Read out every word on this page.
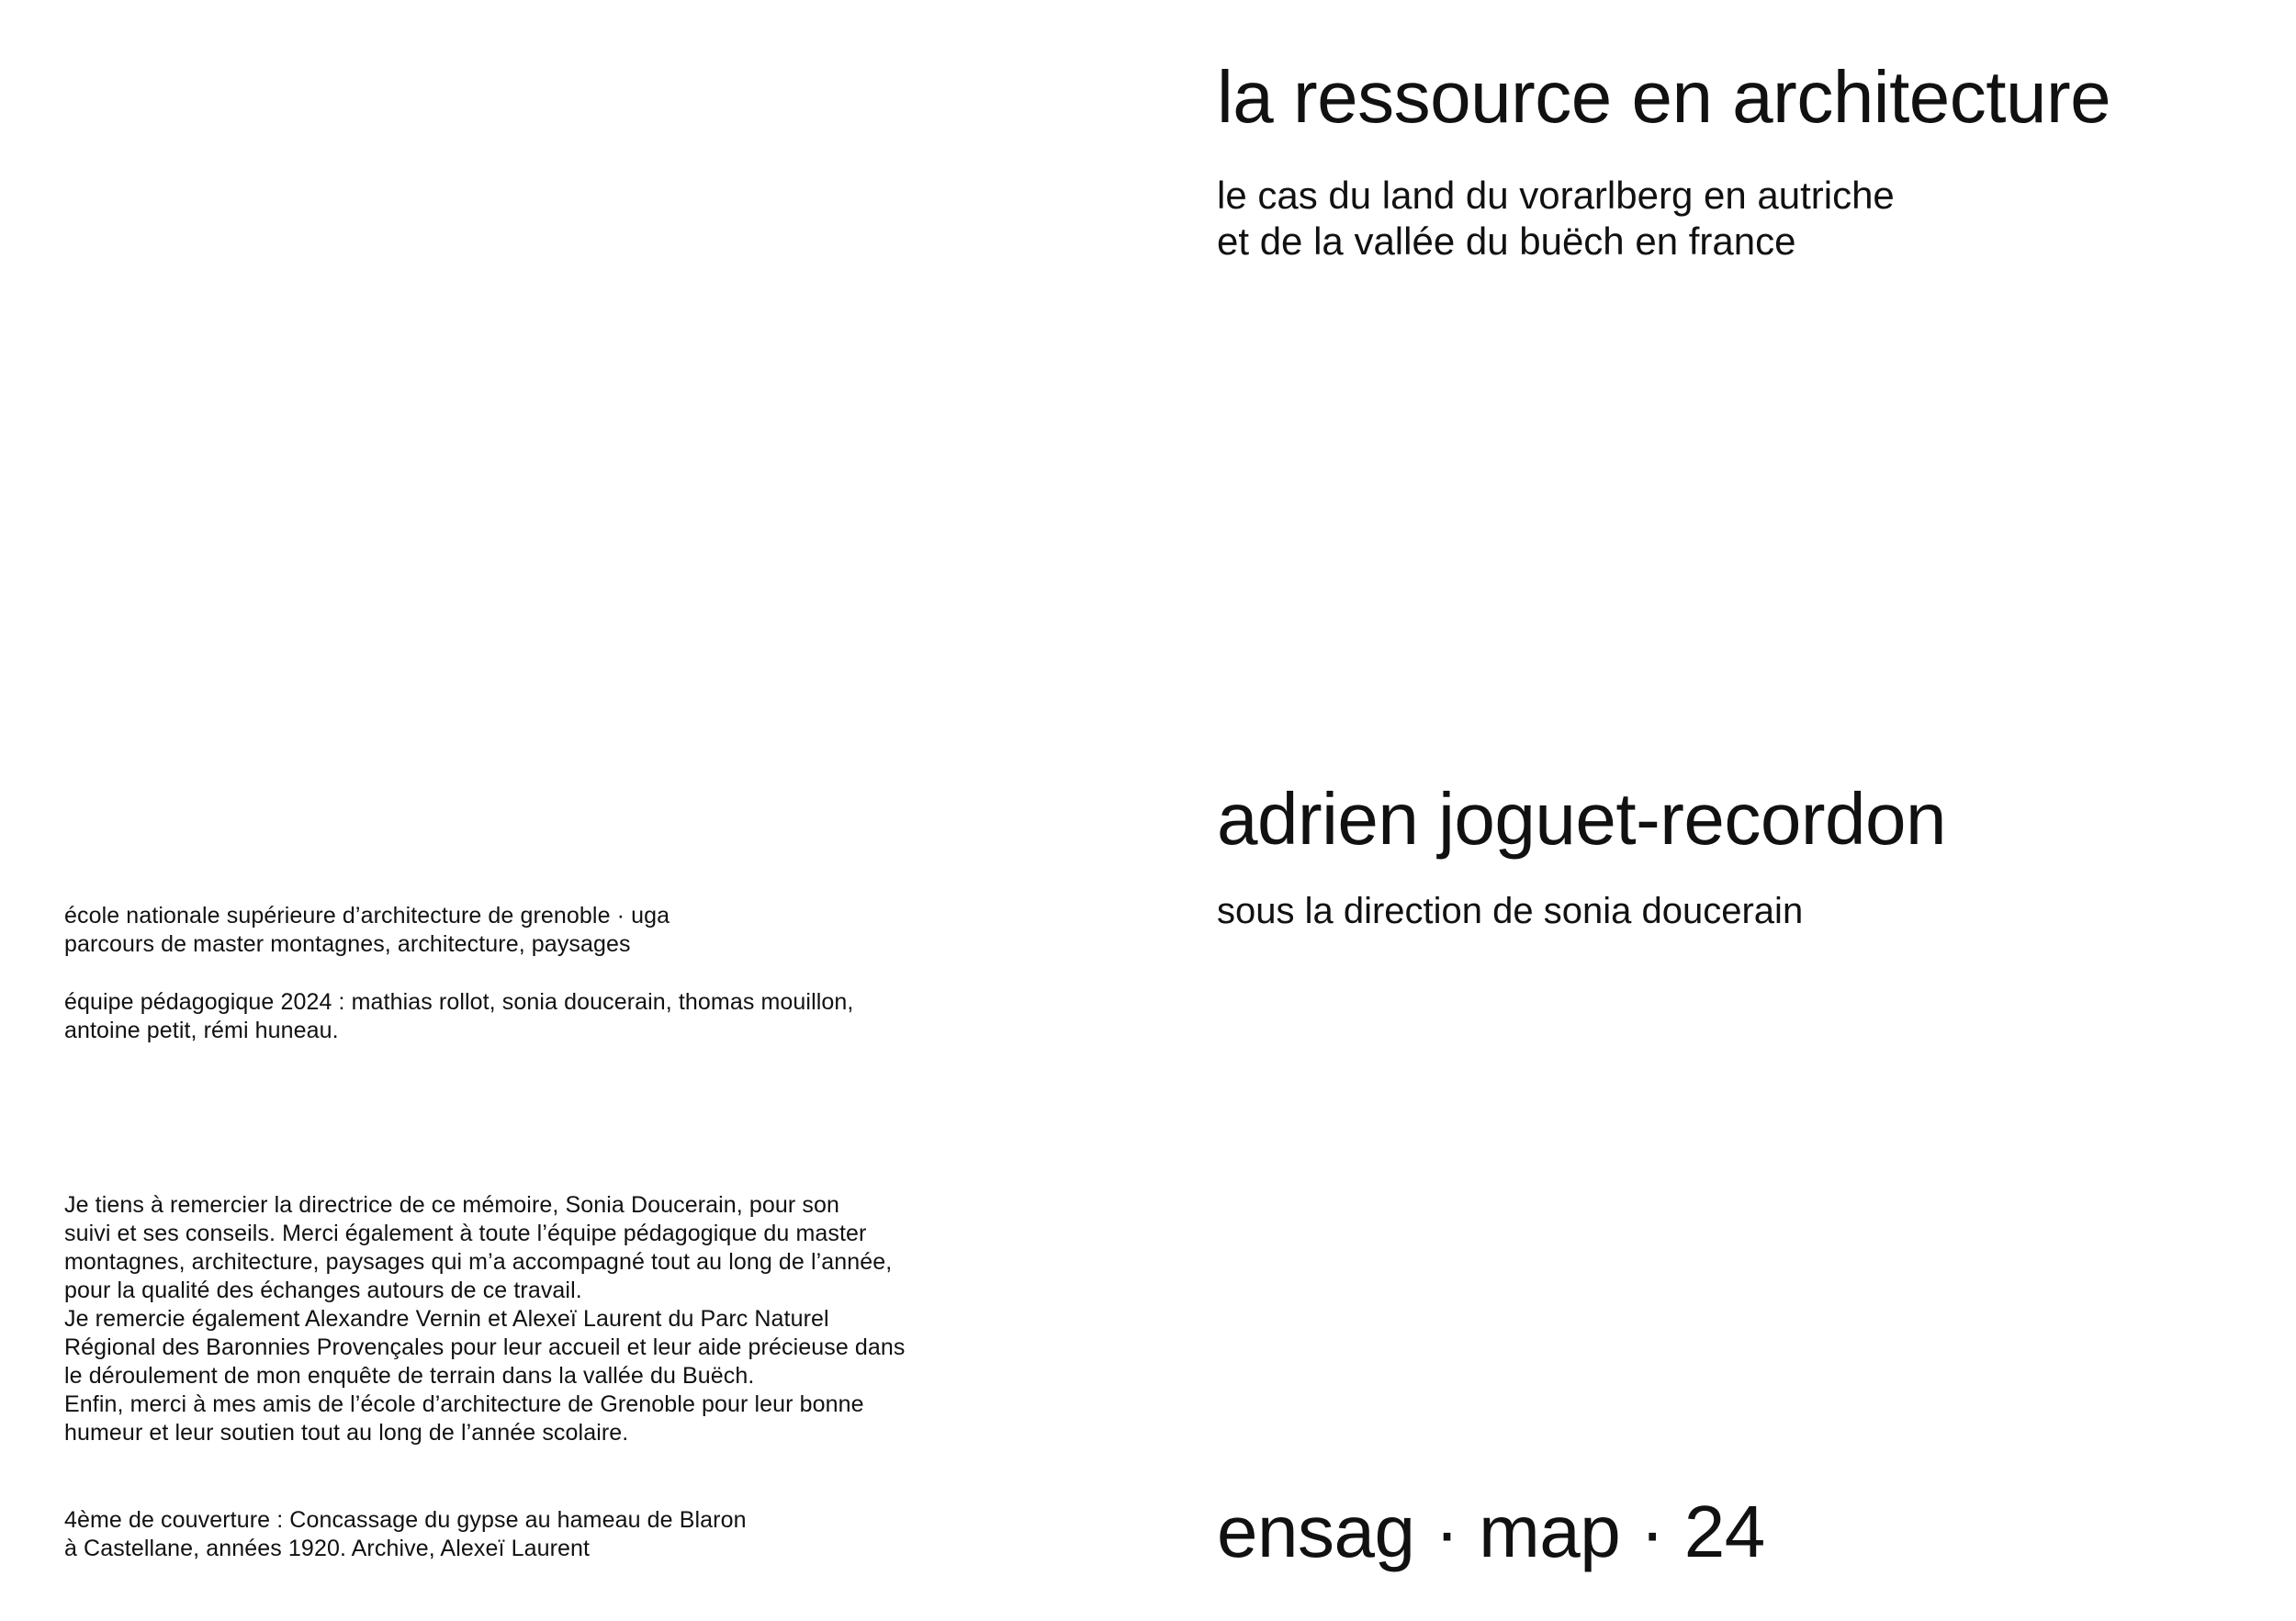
école nationale supérieure d’architecture de grenoble · uga
parcours de master montagnes, architecture, paysages

équipe pédagogique 2024 : mathias rollot, sonia doucerain, thomas mouillon,
antoine petit, rémi huneau.

Je tiens à remercier la directrice de ce mémoire, Sonia Doucerain, pour son
suivi et ses conseils. Merci également à toute l’équipe pédagogique du master
montagnes, architecture, paysages qui m’a accompagné tout au long de l’année,
pour la qualité des échanges autours de ce travail.
Je remercie également Alexandre Vernin et Alexeï Laurent du Parc Naturel
Régional des Baronnies Provençales pour leur accueil et leur aide précieuse dans
le déroulement de mon enquête de terrain dans la vallée du Buëch.
Enfin, merci à mes amis de l’école d’architecture de Grenoble pour leur bonne
humeur et leur soutien tout au long de l’année scolaire.

4ème de couverture : Concassage du gypse au hameau de Blaron
à Castellane, années 1920. Archive, Alexeï Laurent

la ressource en architecture

le cas du land du vorarlberg en autriche
et de la vallée du buëch en france

adrien joguet-recordon

sous la direction de sonia doucerain

ensag · map · 24
